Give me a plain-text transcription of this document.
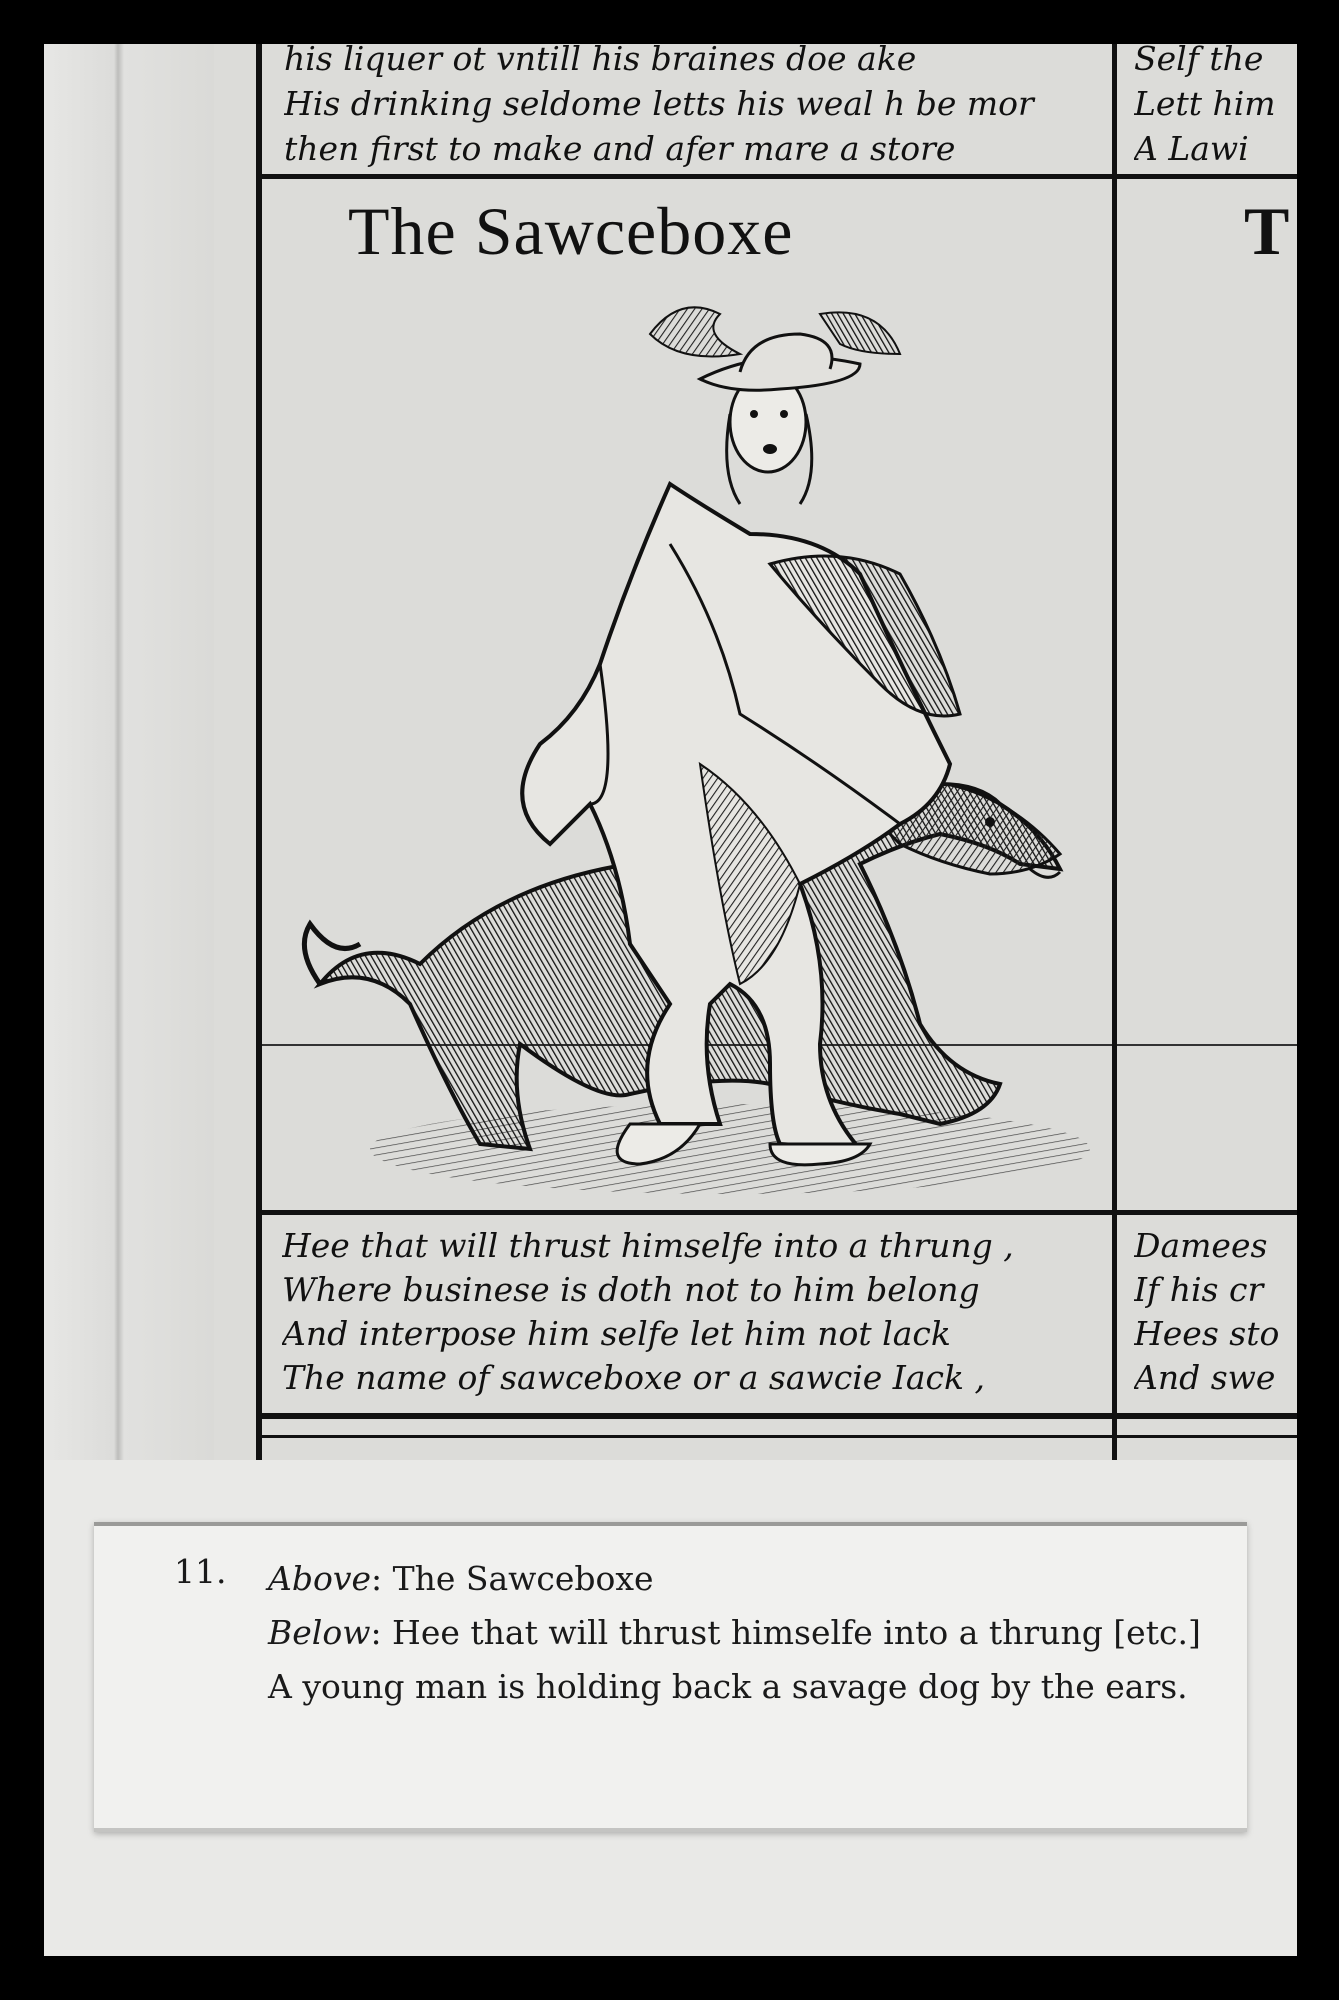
his liquer ot vntill his braines doe ake
His drinking seldome letts his weal h be mor
then first to make and afer mare a store

Self the
Lett him
A Lawi

The Sawceboxe	T

Hee that will thrust himselfe into a thrung ,
Where businese is doth not to him belong
And interpose him selfe let him not lack
The name of sawceboxe or a sawcie Iack ,

Damees
If his cr
Hees sto
And swe

11. Above: The Sawceboxe
Below: Hee that will thrust himselfe into a thrung [etc.]
A young man is holding back a savage dog by the ears.
